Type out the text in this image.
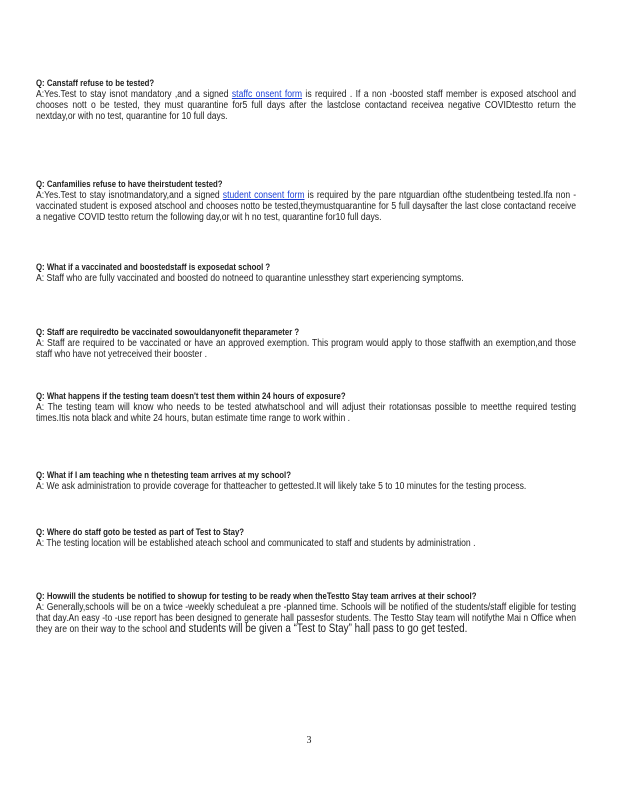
Q: Canstaff refuse to be tested?
A:Yes.Test to stay isnot mandatory ,and a signed staffc onsent form is required . If a non -boosted staff member is exposed atschool and chooses nott o be tested, they must quarantine for5 full days after the lastclose contactand receivea negative COVIDtestto return the nextday,or with no test, quarantine for 10 full days.
Q: Canfamilies refuse to have theirstudent tested?
A:Yes.Test to stay isnotmandatory,and a signed student consent form is required by the pare ntguardian ofthe studentbeing tested.Ifa non -vaccinated student is exposed atschool and chooses notto be tested,theymustquarantine for 5 full daysafter the last close contactand receive a negative COVID testto return the following day,or wit h no test, quarantine for10 full days.
Q: What if a vaccinated and boostedstaff is exposedat school ?
A: Staff who are fully vaccinated and boosted do notneed to quarantine unlessthey start experiencing symptoms.
Q: Staff are requiredto be vaccinated sowouldanyonefit theparameter ?
A: Staff are required to be vaccinated or have an approved exemption. This program would apply to those staffwith an exemption,and those staff who have not yetreceived their booster .
Q: What happens if the testing team doesn't test them within 24 hours of exposure?
A: The testing team will know who needs to be tested atwhatschool and will adjust their rotationsas possible to meetthe required testing times.Itis nota black and white 24 hours, butan estimate time range to work within .
Q: What if I am teaching whe n thetesting team arrives at my school?
A: We ask administration to provide coverage for thatteacher to gettested.It will likely take 5 to 10 minutes for the testing process.
Q: Where do staff goto be tested as part of Test to Stay?
A: The testing location will be established ateach school and communicated to staff and students by administration .
Q: Howwill the students be notified to showup for testing to be ready when theTestto Stay team arrives at their school?
A: Generally,schools will be on a twice -weekly scheduleat a pre -planned time. Schools will be notified of the students/staff eligible for testing that day.An easy -to -use report has been designed to generate hall passesfor students. The Testto Stay team will notifythe Mai n Office when they are on their way to the school and students will be given a “Test to Stay” hall pass to go get tested.
3
